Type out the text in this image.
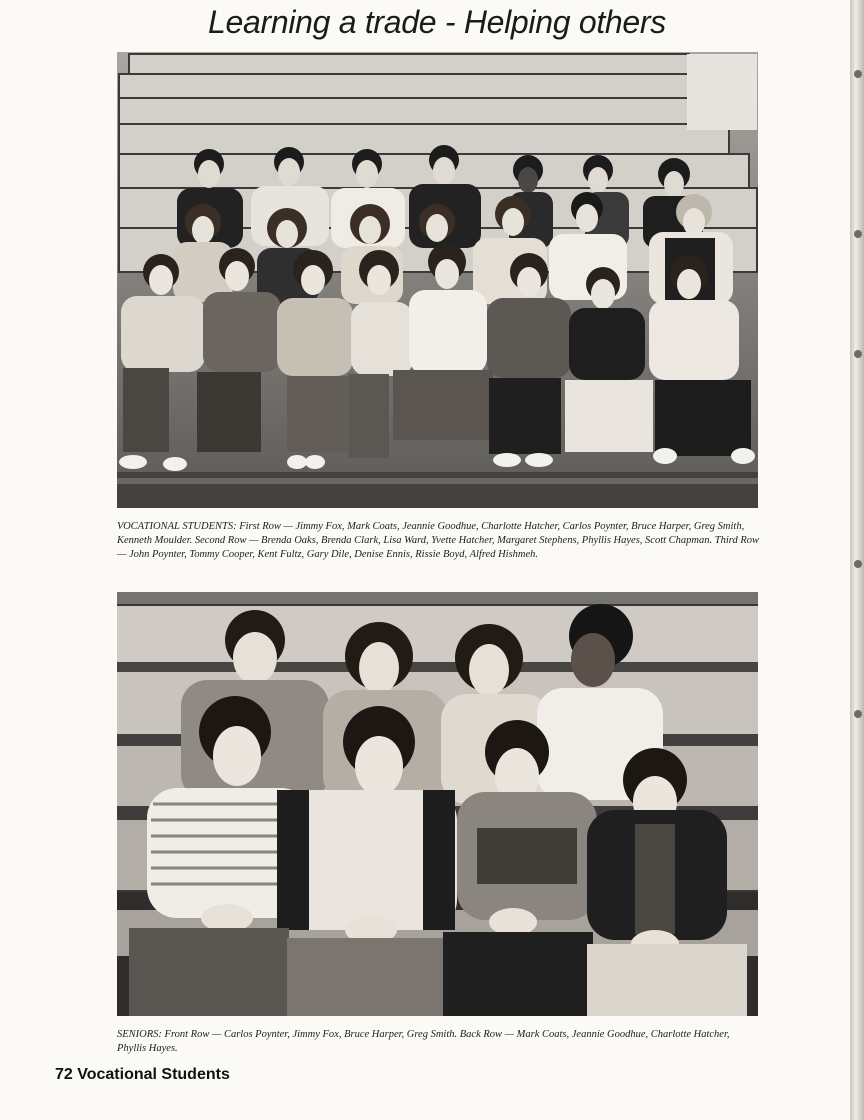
Learning a trade - Helping others
VOCATIONAL STUDENTS: First Row — Jimmy Fox, Mark Coats, Jeannie Goodhue, Charlotte Hatcher, Carlos Poynter, Bruce Harper, Greg Smith, Kenneth Moulder. Second Row — Brenda Oaks, Brenda Clark, Lisa Ward, Yvette Hatcher, Margaret Stephens, Phyllis Hayes, Scott Chapman. Third Row — John Poynter, Tommy Cooper, Kent Fultz, Gary Dile, Denise Ennis, Rissie Boyd, Alfred Hishmeh.
SENIORS: Front Row — Carlos Poynter, Jimmy Fox, Bruce Harper, Greg Smith. Back Row — Mark Coats, Jeannie Goodhue, Charlotte Hatcher, Phyllis Hayes.
72 Vocational Students
